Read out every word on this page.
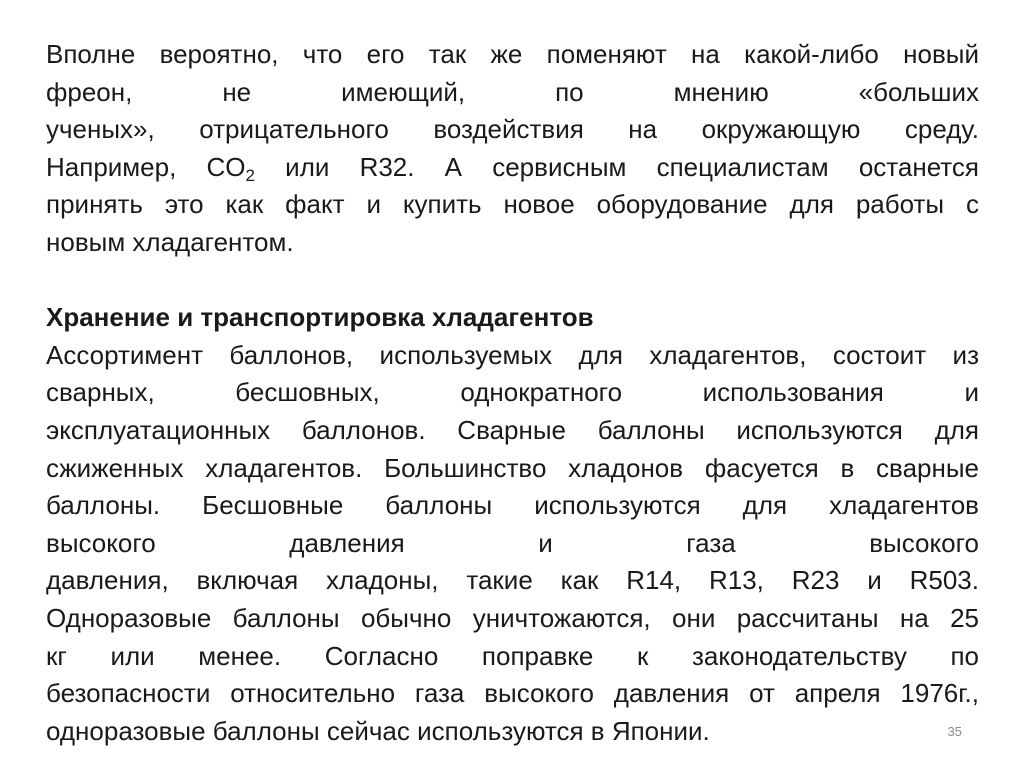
Вполне вероятно, что его так же поменяют на какой-либо новый
фреон, не имеющий, по мнению «больших
ученых», отрицательного воздействия на окружающую среду.
Например, $CO_2$ или R32. А сервисным специалистам останется
принять это как факт и купить новое оборудование для работы с
новым хладагентом.
Хранение и транспортировка хладагентов
Ассортимент баллонов, используемых для хладагентов, состоит из
сварных, бесшовных, однократного использования и
эксплуатационных баллонов. Сварные баллоны используются для
сжиженных хладагентов. Большинство хладонов фасуется в сварные
баллоны. Бесшовные баллоны используются для хладагентов
высокого давления и газа высокого
давления, включая хладоны, такие как R14, R13, R23 и R503.
Одноразовые баллоны обычно уничтожаются, они рассчитаны на 25
кг или менее. Согласно поправке к законодательству по
безопасности относительно газа высокого давления от апреля 1976г.,
одноразовые баллоны сейчас используются в Японии.	35
